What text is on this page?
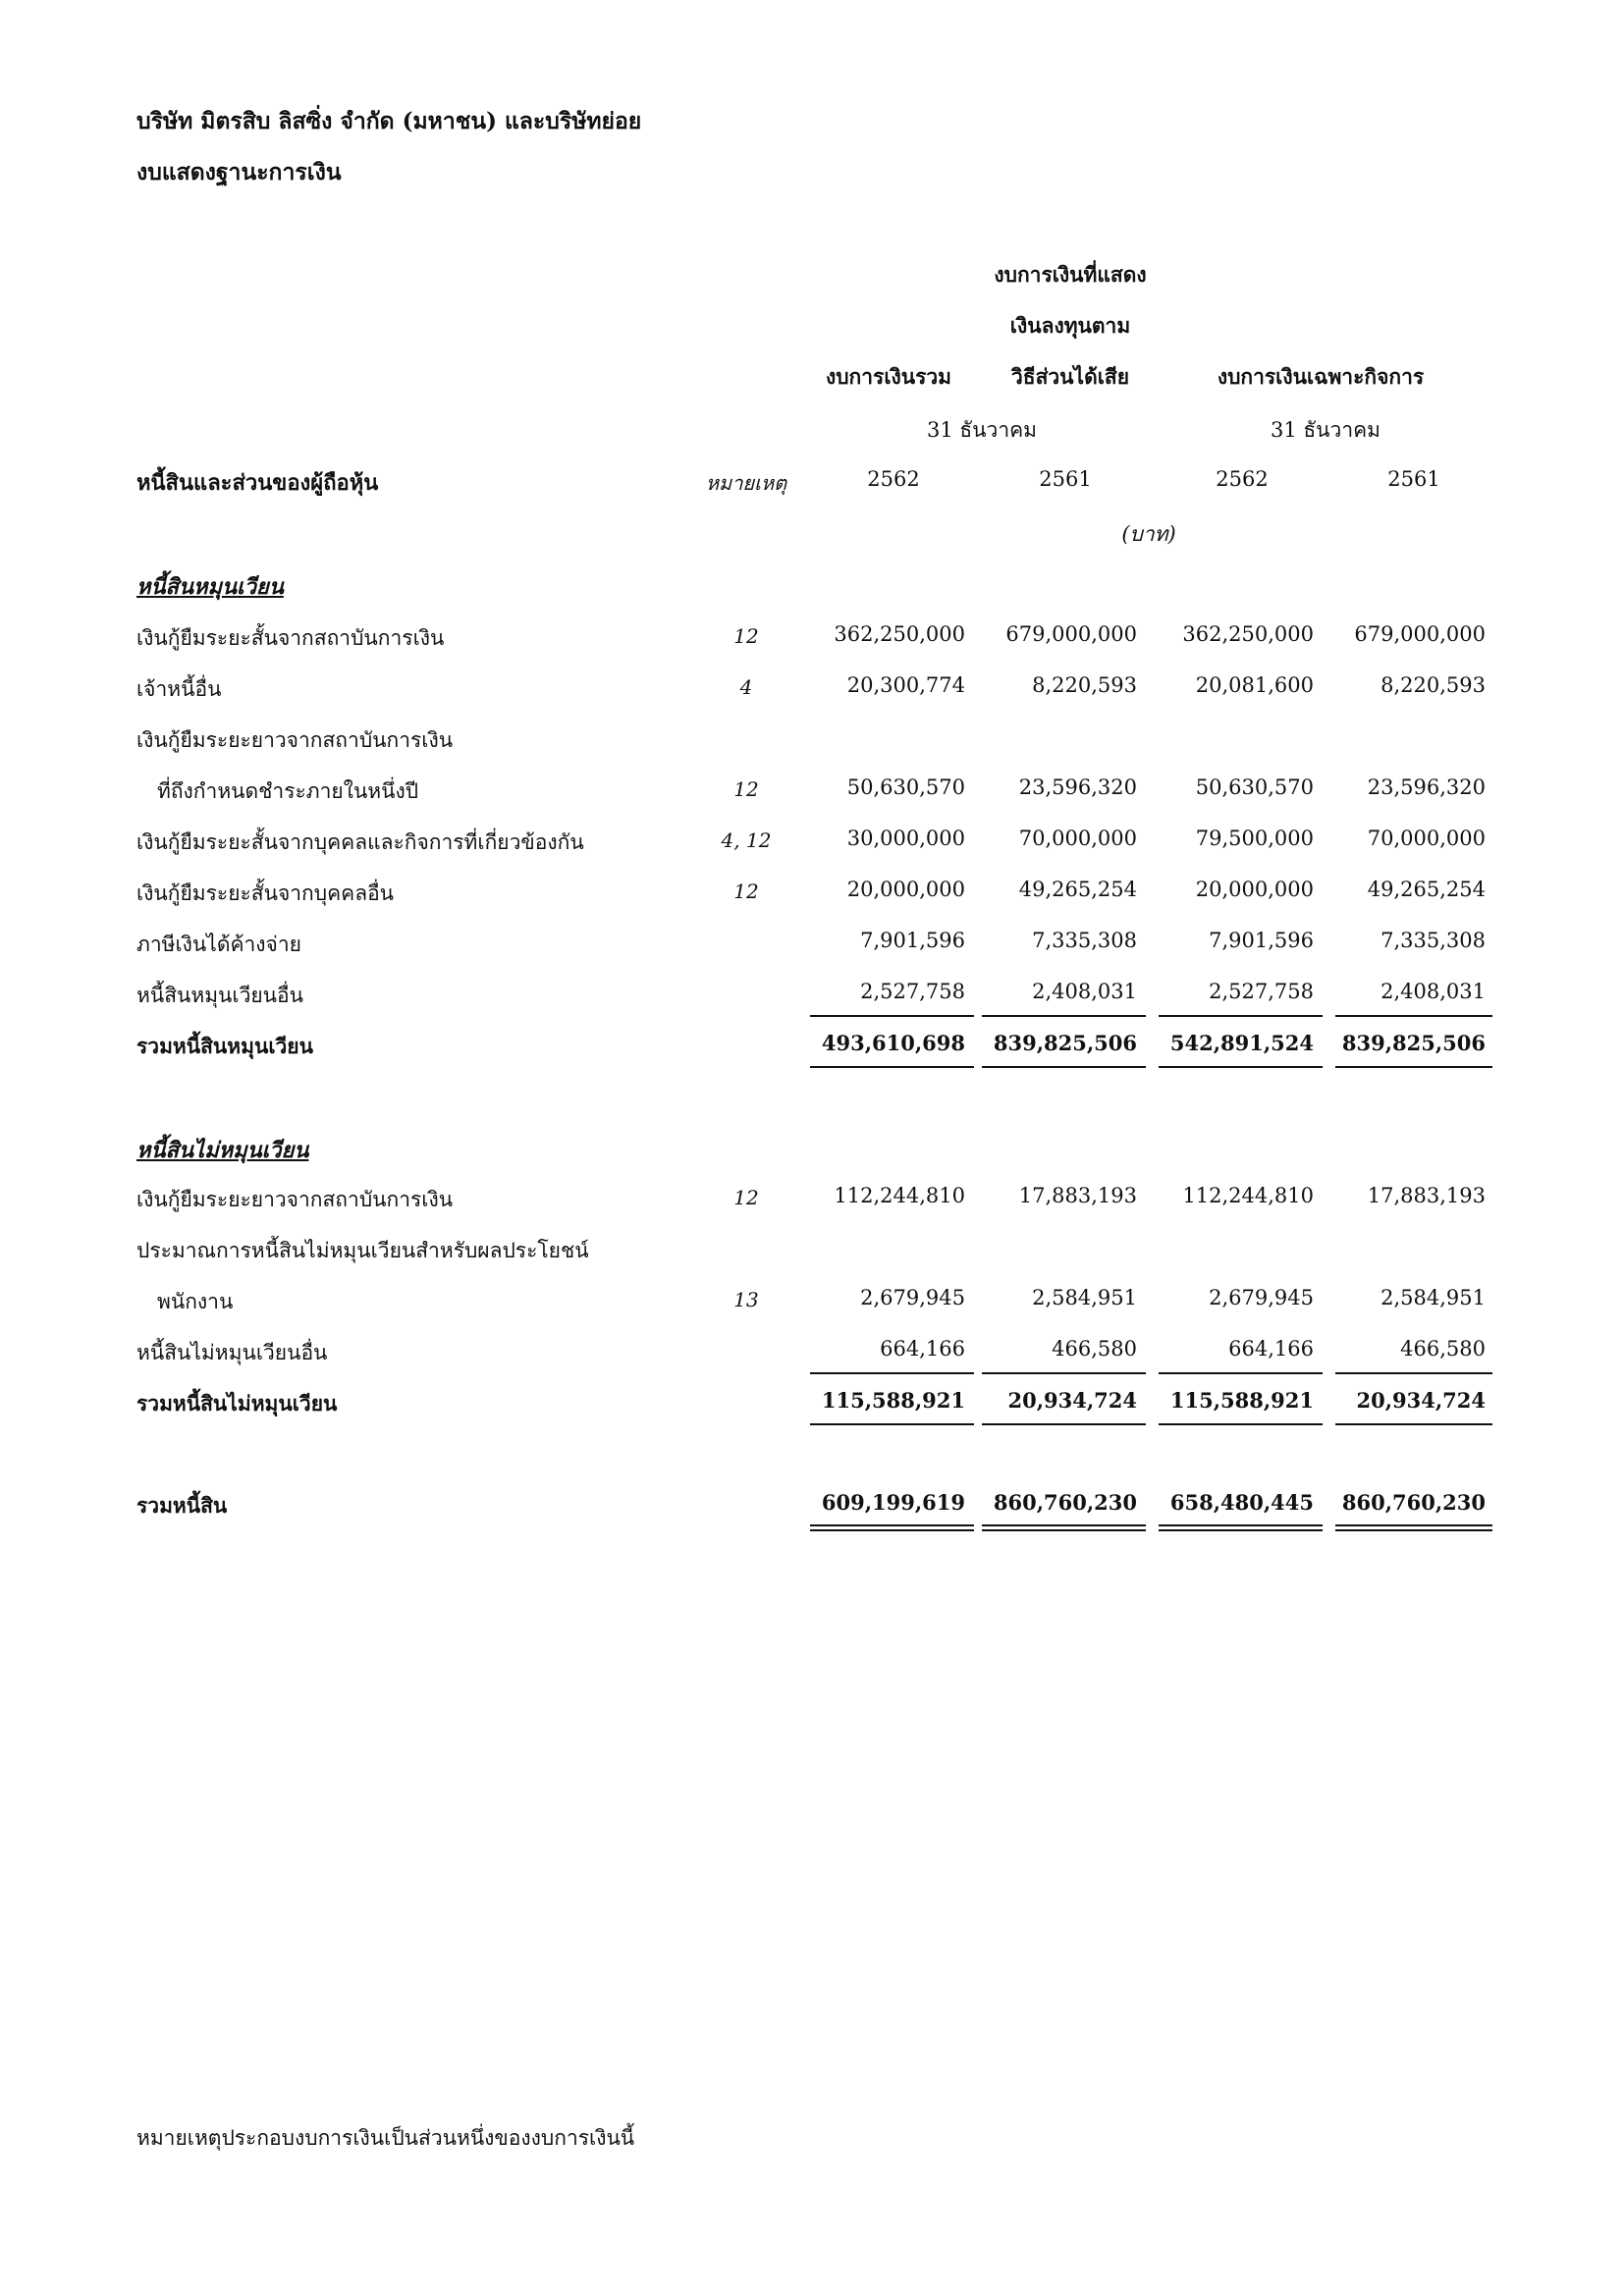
บริษัท มิตรสิบ ลิสซิ่ง จำกัด (มหาชน) และบริษัทย่อย
งบแสดงฐานะการเงิน
งบการเงินที่แสดง
เงินลงทุนตาม
งบการเงินรวม	วิธีส่วนได้เสีย	งบการเงินเฉพาะกิจการ
31 ธันวาคม	31 ธันวาคม
หนี้สินและส่วนของผู้ถือหุ้น	หมายเหตุ	2562	2561	2562	2561
(บาท)
หนี้สินหมุนเวียน
เงินกู้ยืมระยะสั้นจากสถาบันการเงิน	12	362,250,000	679,000,000	362,250,000	679,000,000
เจ้าหนี้อื่น	4	20,300,774	8,220,593	20,081,600	8,220,593
เงินกู้ยืมระยะยาวจากสถาบันการเงิน
ที่ถึงกำหนดชำระภายในหนึ่งปี	12	50,630,570	23,596,320	50,630,570	23,596,320
เงินกู้ยืมระยะสั้นจากบุคคลและกิจการที่เกี่ยวข้องกัน	4, 12	30,000,000	70,000,000	79,500,000	70,000,000
เงินกู้ยืมระยะสั้นจากบุคคลอื่น	12	20,000,000	49,265,254	20,000,000	49,265,254
ภาษีเงินได้ค้างจ่าย	7,901,596	7,335,308	7,901,596	7,335,308
หนี้สินหมุนเวียนอื่น	2,527,758	2,408,031	2,527,758	2,408,031
รวมหนี้สินหมุนเวียน	493,610,698	839,825,506	542,891,524	839,825,506
หนี้สินไม่หมุนเวียน
เงินกู้ยืมระยะยาวจากสถาบันการเงิน	12	112,244,810	17,883,193	112,244,810	17,883,193
ประมาณการหนี้สินไม่หมุนเวียนสำหรับผลประโยชน์
พนักงาน	13	2,679,945	2,584,951	2,679,945	2,584,951
หนี้สินไม่หมุนเวียนอื่น	664,166	466,580	664,166	466,580
รวมหนี้สินไม่หมุนเวียน	115,588,921	20,934,724	115,588,921	20,934,724
รวมหนี้สิน	609,199,619	860,760,230	658,480,445	860,760,230
หมายเหตุประกอบงบการเงินเป็นส่วนหนึ่งของงบการเงินนี้
